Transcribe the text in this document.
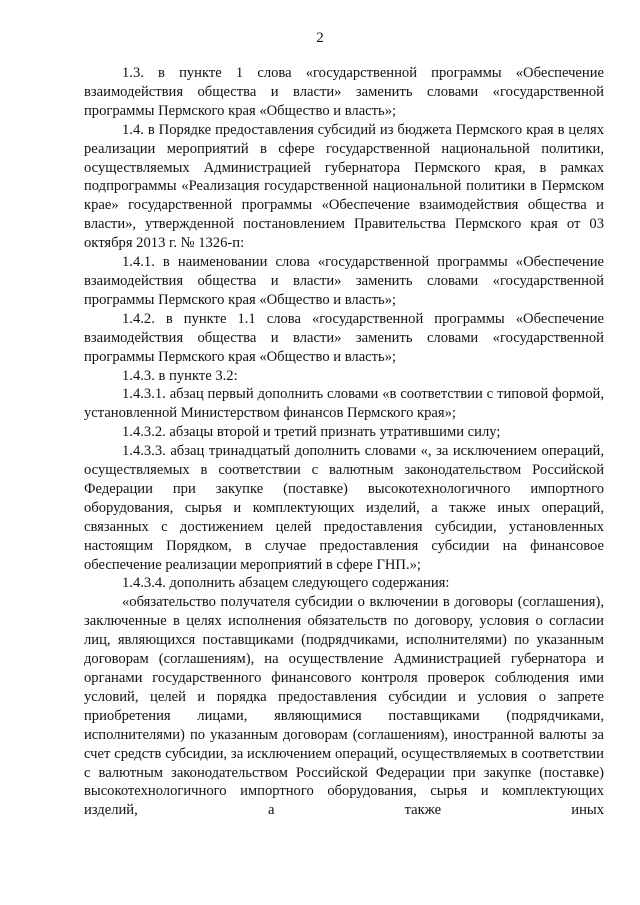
2

1.3. в пункте 1 слова «государственной программы «Обеспечение взаимодействия общества и власти» заменить словами «государственной программы Пермского края «Общество и власть»;

1.4. в Порядке предоставления субсидий из бюджета Пермского края в целях реализации мероприятий в сфере государственной национальной политики, осуществляемых Администрацией губернатора Пермского края, в рамках подпрограммы «Реализация государственной национальной политики в Пермском крае» государственной программы «Обеспечение взаимодействия общества и власти», утвержденной постановлением Правительства Пермского края от 03 октября 2013 г. № 1326-п:

1.4.1. в наименовании слова «государственной программы «Обеспечение взаимодействия общества и власти» заменить словами «государственной программы Пермского края «Общество и власть»;

1.4.2. в пункте 1.1 слова «государственной программы «Обеспечение взаимодействия общества и власти» заменить словами «государственной программы Пермского края «Общество и власть»;

1.4.3. в пункте 3.2:

1.4.3.1. абзац первый дополнить словами «в соответствии с типовой формой, установленной Министерством финансов Пермского края»;

1.4.3.2. абзацы второй и третий признать утратившими силу;

1.4.3.3. абзац тринадцатый дополнить словами «, за исключением операций, осуществляемых в соответствии с валютным законодательством Российской Федерации при закупке (поставке) высокотехнологичного импортного оборудования, сырья и комплектующих изделий, а также иных операций, связанных с достижением целей предоставления субсидии, установленных настоящим Порядком, в случае предоставления субсидии на финансовое обеспечение реализации мероприятий в сфере ГНП.»;

1.4.3.4. дополнить абзацем следующего содержания:

«обязательство получателя субсидии о включении в договоры (соглашения), заключенные в целях исполнения обязательств по договору, условия о согласии лиц, являющихся поставщиками (подрядчиками, исполнителями) по указанным договорам (соглашениям), на осуществление Администрацией губернатора и органами государственного финансового контроля проверок соблюдения ими условий, целей и порядка предоставления субсидии и условия о запрете приобретения лицами, являющимися поставщиками (подрядчиками, исполнителями) по указанным договорам (соглашениям), иностранной валюты за счет средств субсидии, за исключением операций, осуществляемых в соответствии с валютным законодательством Российской Федерации при закупке (поставке) высокотехнологичного импортного оборудования, сырья и комплектующих изделий, а также иных
